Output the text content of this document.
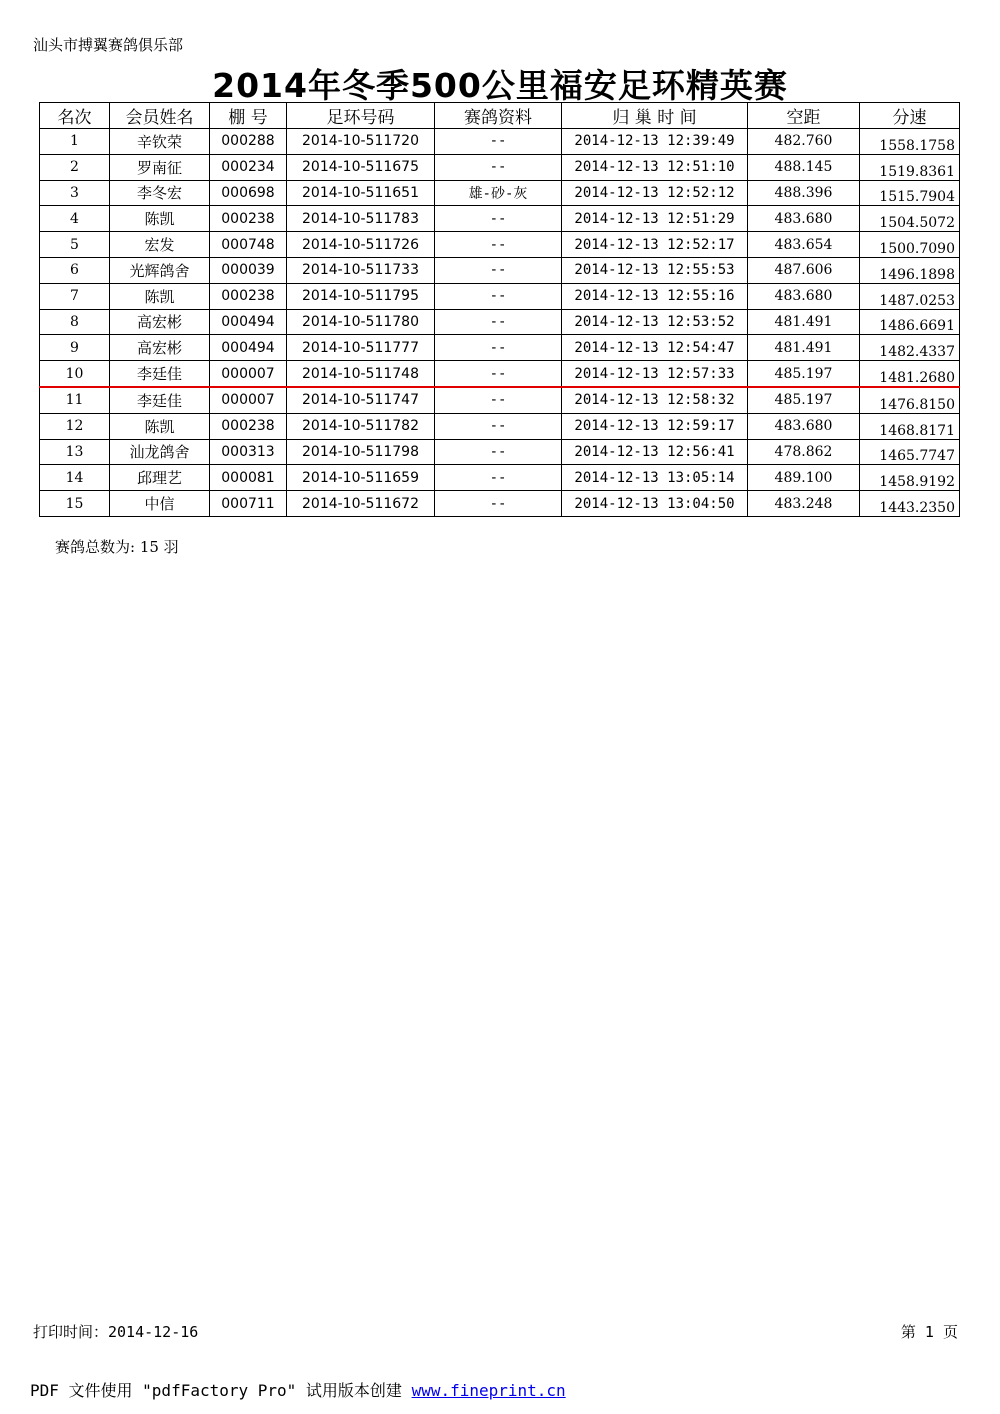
汕头市搏翼赛鸽俱乐部
2014年冬季500公里福安足环精英赛
名次	会员姓名	棚 号	足环号码	赛鸽资料	归 巢 时 间	空距	分速
1	辛钦荣	000288	2014-10-511720	--	2014-12-13 12:39:49	482.760	1558.1758
2	罗南征	000234	2014-10-511675	--	2014-12-13 12:51:10	488.145	1519.8361
3	李冬宏	000698	2014-10-511651	雄-砂-灰	2014-12-13 12:52:12	488.396	1515.7904
4	陈凯	000238	2014-10-511783	--	2014-12-13 12:51:29	483.680	1504.5072
5	宏发	000748	2014-10-511726	--	2014-12-13 12:52:17	483.654	1500.7090
6	光辉鸽舍	000039	2014-10-511733	--	2014-12-13 12:55:53	487.606	1496.1898
7	陈凯	000238	2014-10-511795	--	2014-12-13 12:55:16	483.680	1487.0253
8	高宏彬	000494	2014-10-511780	--	2014-12-13 12:53:52	481.491	1486.6691
9	高宏彬	000494	2014-10-511777	--	2014-12-13 12:54:47	481.491	1482.4337
10	李廷佳	000007	2014-10-511748	--	2014-12-13 12:57:33	485.197	1481.2680
11	李廷佳	000007	2014-10-511747	--	2014-12-13 12:58:32	485.197	1476.8150
12	陈凯	000238	2014-10-511782	--	2014-12-13 12:59:17	483.680	1468.8171
13	汕龙鸽舍	000313	2014-10-511798	--	2014-12-13 12:56:41	478.862	1465.7747
14	邱理艺	000081	2014-10-511659	--	2014-12-13 13:05:14	489.100	1458.9192
15	中信	000711	2014-10-511672	--	2014-12-13 13:04:50	483.248	1443.2350
赛鸽总数为: 15 羽
打印时间：2014-12-16	第 1 页
PDF 文件使用 "pdfFactory Pro" 试用版本创建 www.fineprint.cn
